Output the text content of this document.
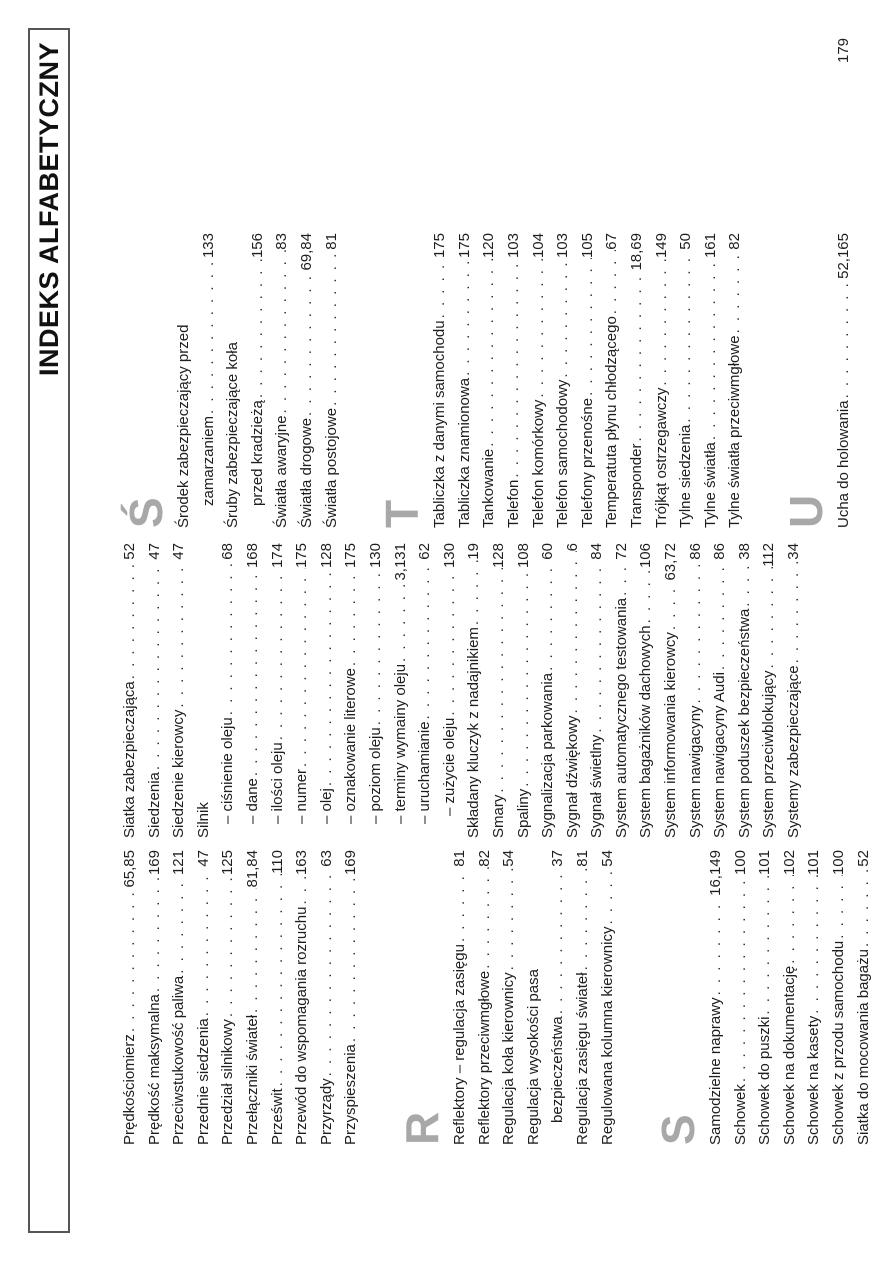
INDEKS ALFABETYCZNY
Prędkościomierz
. . .
65,85
Prędkość maksymalna
. . .
169
Przeciwstukowość paliwa
. . .
121
Przednie siedzenia
. . .
47
Przedział silnikowy
. . .
125
Przełączniki świateł
. . .
81,84
Prześwit
. . .
110
Przewód do wspomagania rozruchu
. . .
163
Przyrządy
. . .
63
Przyspieszenia
. . .
169
R Reflektory – regulacja zasięgu
. . .
81
Reflektory przeciwmgłowe
. . .
82
Regulacja koła kierownicy
. . .
54
Regulacja wysokości pasa bezpieczeństwa
. . .
37
Regulacja zasięgu świateł
. . .
81
Regulowana kolumna kierownicy
. . .
54
S Samodzielne naprawy
. . .
16,149
Schowek
. . .
100
Schowek do puszki
. . .
101
Schowek na dokumentację
. . .
102
Schowek na kasety
. . .
101
Schowek z przodu samochodu
. . .
100
Siatka do mocowania bagażu
. . .
52
Siatka zabezpieczająca
. . .
52
Siedzenia
. . .
47
Siedzenie kierowcy
. . .
47
Silnik – ciśnienie oleju
. . .
68
– dane
. . .
168
– ilości oleju
. . .
174
– numer
. . .
175
– olej
. . .
128
– oznakowanie literowe
. . .
175
– poziom oleju
. . .
130
– terminy wymainy oleju
. . .
3,131
– uruchamianie
. . .
62
– zużycie oleju
. . .
130
Składany kluczyk z nadajnikiem
. . .
19
Smary
. . .
128
Spaliny
. . .
108
Sygnalizacja parkowania
. . .
60
Sygnał dźwiękowy
. . .
6
Sygnał świetlny
. . .
84
System automatycznego testowania
. . .
72
System bagażników dachowych
. . .
106
System informowania kierowcy
. . .
63,72
System nawigacyny
. . .
86
System nawigacyny Audi
. . .
86
System poduszek bezpieczeństwa
. . .
38
System przeciwblokujący
. . .
112
Systemy zabezpieczające
. . .
34
Ś Środek zabezpieczający przed zamarzaniem
. . .
133
Śruby zabezpieczające koła przed kradzieżą
. . .
156
Światła awaryjne
. . .
83
Światła drogowe
. . .
69,84
Światła postojowe
. . .
81
T Tabliczka z danymi samochodu
. . .
175
Tabliczka znamionowa
. . .
175
Tankowanie
. . .
120
Telefon
. . .
103
Telefon komórkowy
. . .
104
Telefon samochodowy
. . .
103
Telefony przenośne
. . .
105
Temperatuta płynu chłodzącego
. . .
67
Transponder
. . .
18,69
Trójkąt ostrzegawczy
. . .
149
Tylne siedzenia
. . .
50
Tylne światła
. . .
161
Tylne światła przeciwmgłowe
. . .
82
U Ucha do holowania
. . .
52,165
179
